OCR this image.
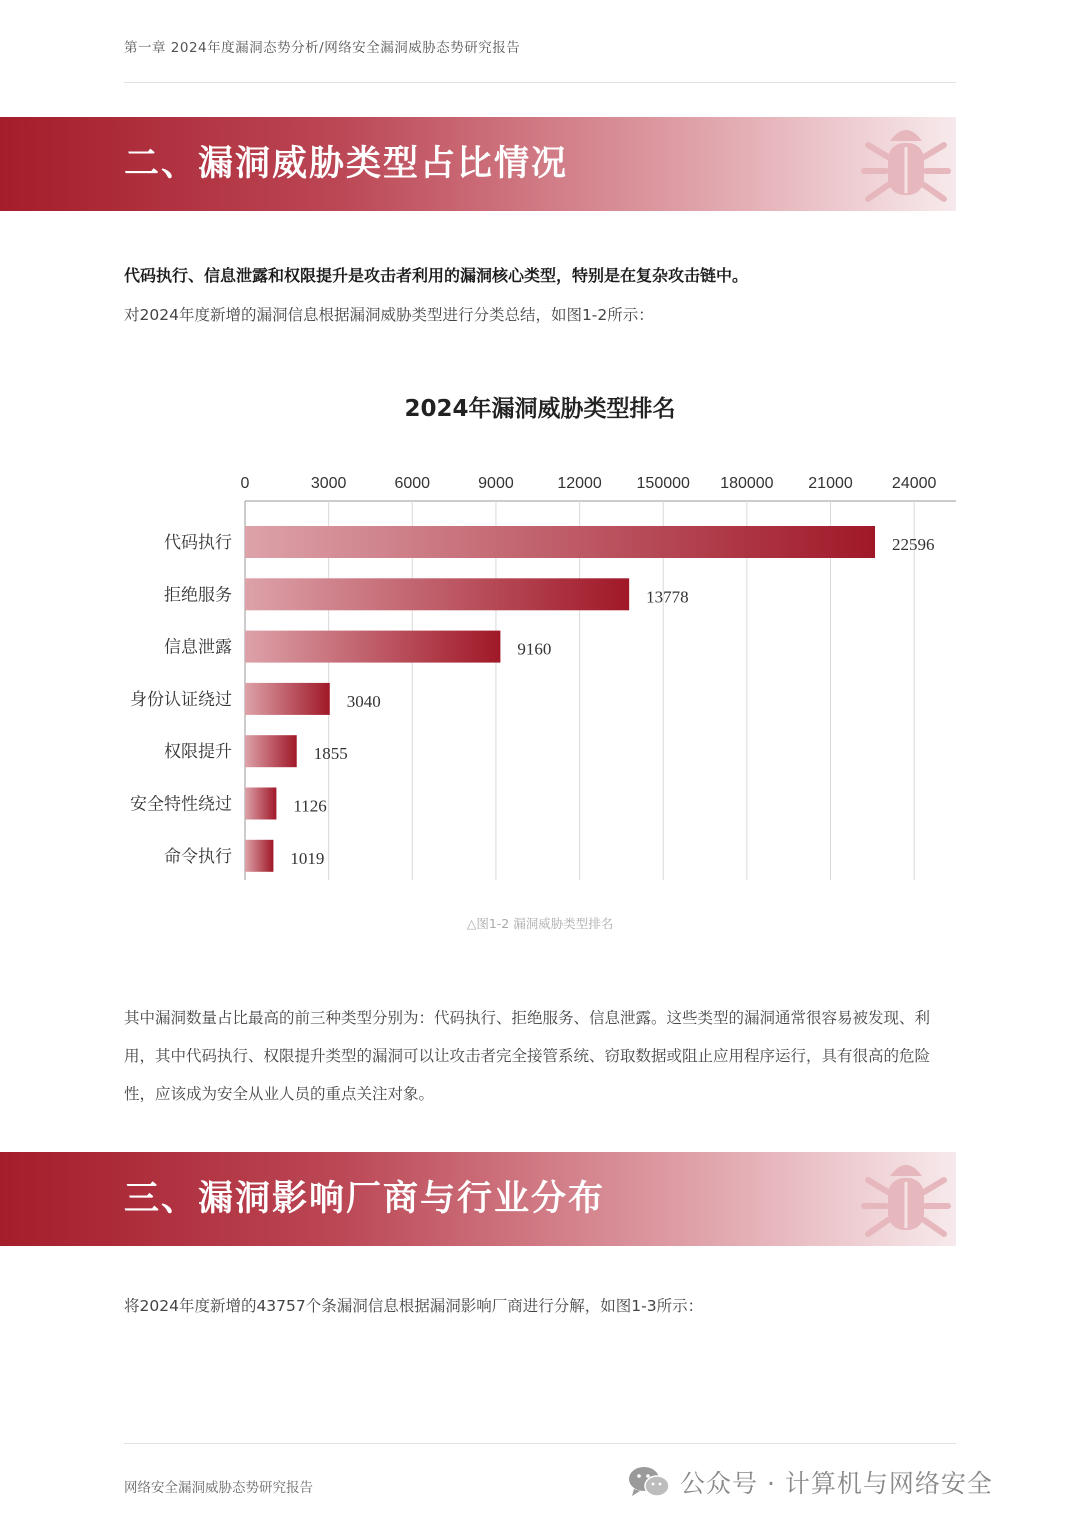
第一章 2024年度漏洞态势分析/网络安全漏洞威胁态势研究报告
二、漏洞威胁类型占比情况
代码执行、信息泄露和权限提升是攻击者利用的漏洞核心类型，特别是在复杂攻击链中。
对2024年度新增的漏洞信息根据漏洞威胁类型进行分类总结，如图1-2所示：
2024年漏洞威胁类型排名
0	3000	6000	9000	12000 150000 180000 21000 24000
代码执行	22596
拒绝服务	13778
信息泄露	9160
身份认证绕过	3040
权限提升	1855
安全特性绕过	1126
命令执行	1019
△图1-2 漏洞威胁类型排名
其中漏洞数量占比最高的前三种类型分别为：代码执行、拒绝服务、信息泄露。这些类型的漏洞通常很容易被发现、利用，其中代码执行、权限提升类型的漏洞可以让攻击者完全接管系统、窃取数据或阻止应用程序运行，具有很高的危险性，应该成为安全从业人员的重点关注对象。
三、漏洞影响厂商与行业分布
将2024年度新增的43757个条漏洞信息根据漏洞影响厂商进行分解，如图1-3所示：
网络安全漏洞威胁态势研究报告	公众号 · 计算机与网络安全
